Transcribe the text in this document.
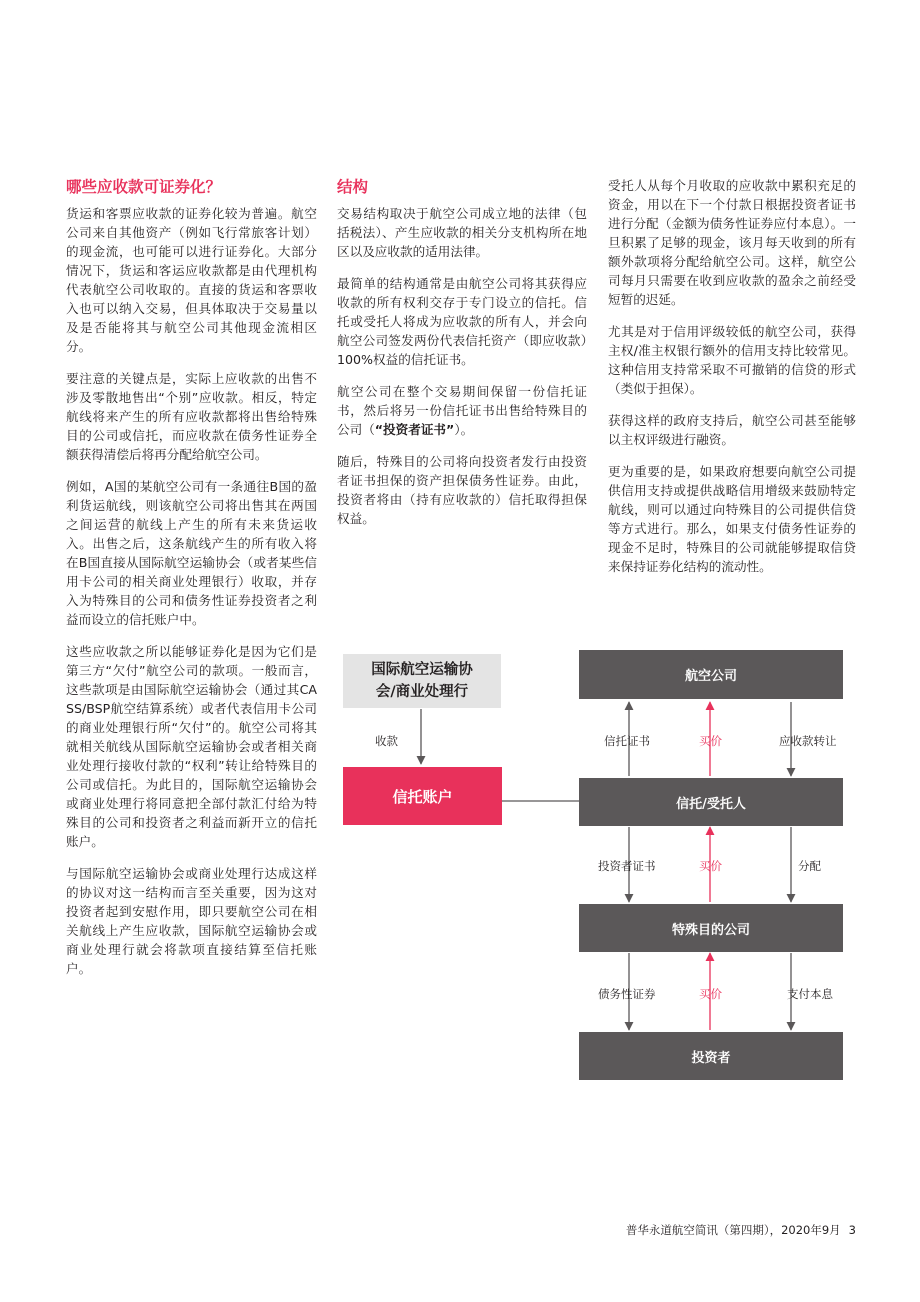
哪些应收款可证券化？

货运和客票应收款的证券化较为普遍。航空公司来自其他资产（例如飞行常旅客计划）的现金流，也可能可以进行证券化。大部分情况下，货运和客运应收款都是由代理机构代表航空公司收取的。直接的货运和客票收入也可以纳入交易，但具体取决于交易量以及是否能将其与航空公司其他现金流相区分。

要注意的关键点是，实际上应收款的出售不涉及零散地售出“个别”应收款。相反，特定航线将来产生的所有应收款都将出售给特殊目的公司或信托，而应收款在债务性证券全额获得清偿后将再分配给航空公司。

例如，A国的某航空公司有一条通往B国的盈利货运航线，则该航空公司将出售其在两国之间运营的航线上产生的所有未来货运收入。出售之后，这条航线产生的所有收入将在B国直接从国际航空运输协会（或者某些信用卡公司的相关商业处理银行）收取，并存入为特殊目的公司和债务性证券投资者之利益而设立的信托账户中。

这些应收款之所以能够证券化是因为它们是第三方“欠付”航空公司的款项。一般而言，这些款项是由国际航空运输协会（通过其CASS/BSP航空结算系统）或者代表信用卡公司的商业处理银行所“欠付”的。航空公司将其就相关航线从国际航空运输协会或者相关商业处理行接收付款的“权利”转让给特殊目的公司或信托。为此目的，国际航空运输协会或商业处理行将同意把全部付款汇付给为特殊目的公司和投资者之利益而新开立的信托账户。

与国际航空运输协会或商业处理行达成这样的协议对这一结构而言至关重要，因为这对投资者起到安慰作用，即只要航空公司在相关航线上产生应收款，国际航空运输协会或商业处理行就会将款项直接结算至信托账户。

结构

交易结构取决于航空公司成立地的法律（包括税法）、产生应收款的相关分支机构所在地区以及应收款的适用法律。

最简单的结构通常是由航空公司将其获得应收款的所有权利交存于专门设立的信托。信托或受托人将成为应收款的所有人，并会向航空公司签发两份代表信托资产（即应收款）100%权益的信托证书。

航空公司在整个交易期间保留一份信托证书，然后将另一份信托证书出售给特殊目的公司（“投资者证书”）。

随后，特殊目的公司将向投资者发行由投资者证书担保的资产担保债务性证券。由此，投资者将由（持有应收款的）信托取得担保权益。

受托人从每个月收取的应收款中累积充足的资金，用以在下一个付款日根据投资者证书进行分配（金额为债务性证券应付本息）。一旦积累了足够的现金，该月每天收到的所有额外款项将分配给航空公司。这样，航空公司每月只需要在收到应收款的盈余之前经受短暂的迟延。

尤其是对于信用评级较低的航空公司，获得主权/准主权银行额外的信用支持比较常见。这种信用支持常采取不可撤销的信贷的形式（类似于担保）。

获得这样的政府支持后，航空公司甚至能够以主权评级进行融资。

更为重要的是，如果政府想要向航空公司提供信用支持或提供战略信用增级来鼓励特定航线，则可以通过向特殊目的公司提供信贷等方式进行。那么，如果支付债务性证券的现金不足时，特殊目的公司就能够提取信贷来保持证券化结构的流动性。

国际航空运输协
会/商业处理行
收款
信托账户
航空公司
信托证书	买价	应收款转让
信托/受托人
投资者证书	买价	分配
特殊目的公司
债务性证券	买价	支付本息
投资者
普华永道航空简讯（第四期），2020年9月 3
